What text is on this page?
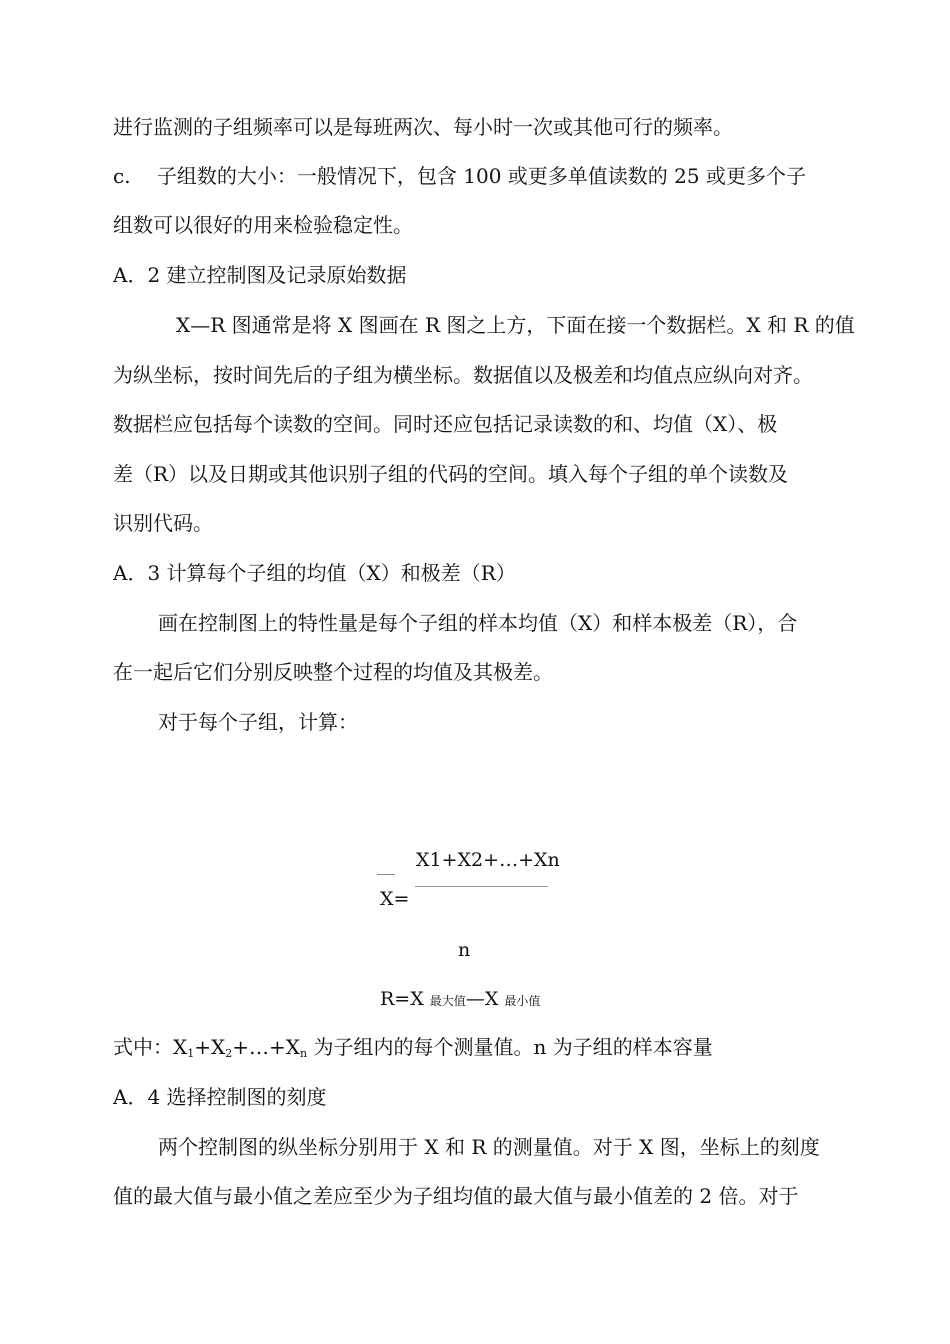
进行监测的子组频率可以是每班两次、每小时一次或其他可行的频率。
c.　 子组数的大小：一般情况下，包含 100 或更多单值读数的 25 或更多个子
组数可以很好的用来检验稳定性。
A．2 建立控制图及记录原始数据
X—R 图通常是将 X 图画在 R 图之上方，下面在接一个数据栏。X 和 R 的值
为纵坐标，按时间先后的子组为横坐标。数据值以及极差和均值点应纵向对齐。
数据栏应包括每个读数的空间。同时还应包括记录读数的和、均值（X）、极
差（R）以及日期或其他识别子组的代码的空间。填入每个子组的单个读数及
识别代码。
A．3 计算每个子组的均值（X）和极差（R）
画在控制图上的特性量是每个子组的样本均值（X）和样本极差（R），合
在一起后它们分别反映整个过程的均值及其极差。
对于每个子组，计算：
X1+X2+…+Xn
X=
n
R=X 最大值—X 最小值
式中：$X_1+X_2+\dots+X_n$ 为子组内的每个测量值。n 为子组的样本容量
A．4 选择控制图的刻度
两个控制图的纵坐标分别用于 X 和 R 的测量值。对于 X 图，坐标上的刻度
值的最大值与最小值之差应至少为子组均值的最大值与最小值差的 2 倍。对于
